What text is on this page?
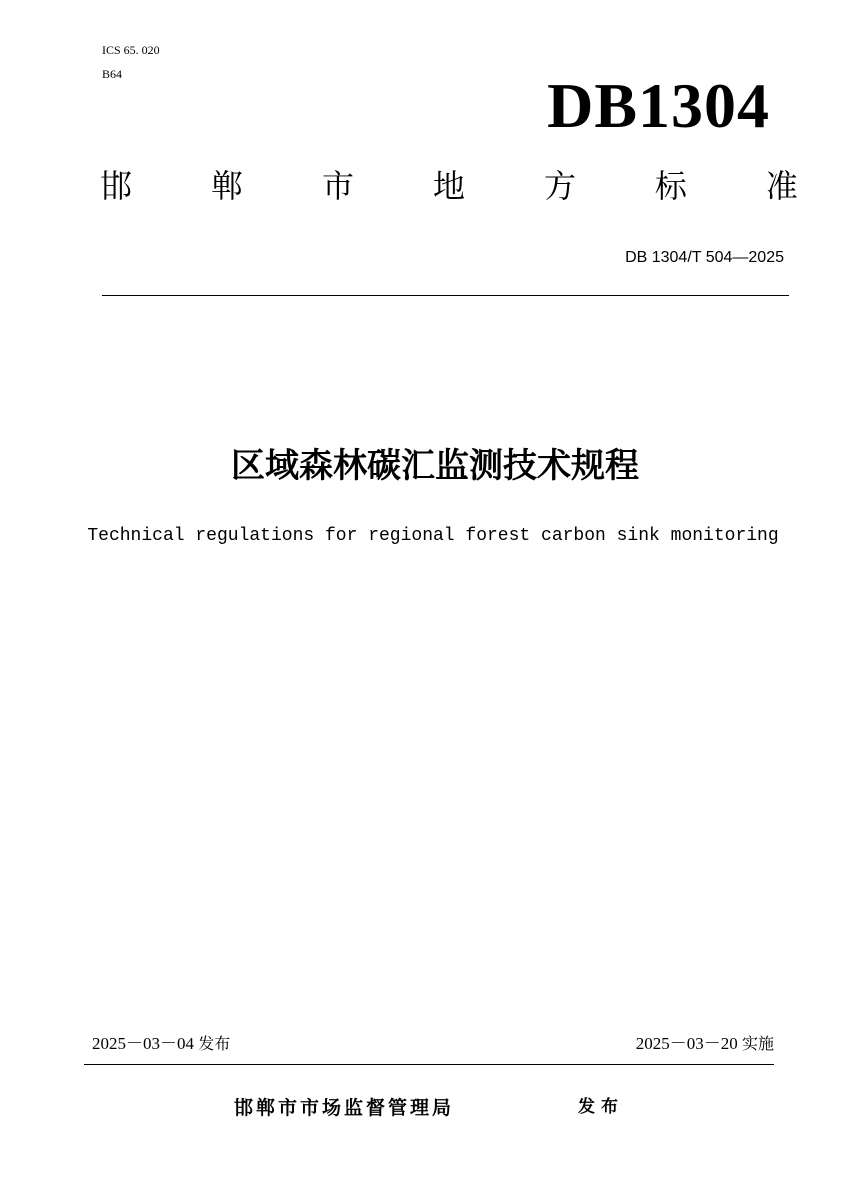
ICS 65. 020
B64	DB1304
邯 郸 市 地 方 标 准
DB 1304/T 504—2025
区域森林碳汇监测技术规程
Technical regulations for regional forest carbon sink monitoring
2025－03－04 发布	2025－03－20 实施
邯郸市市场监督管理局	发布
